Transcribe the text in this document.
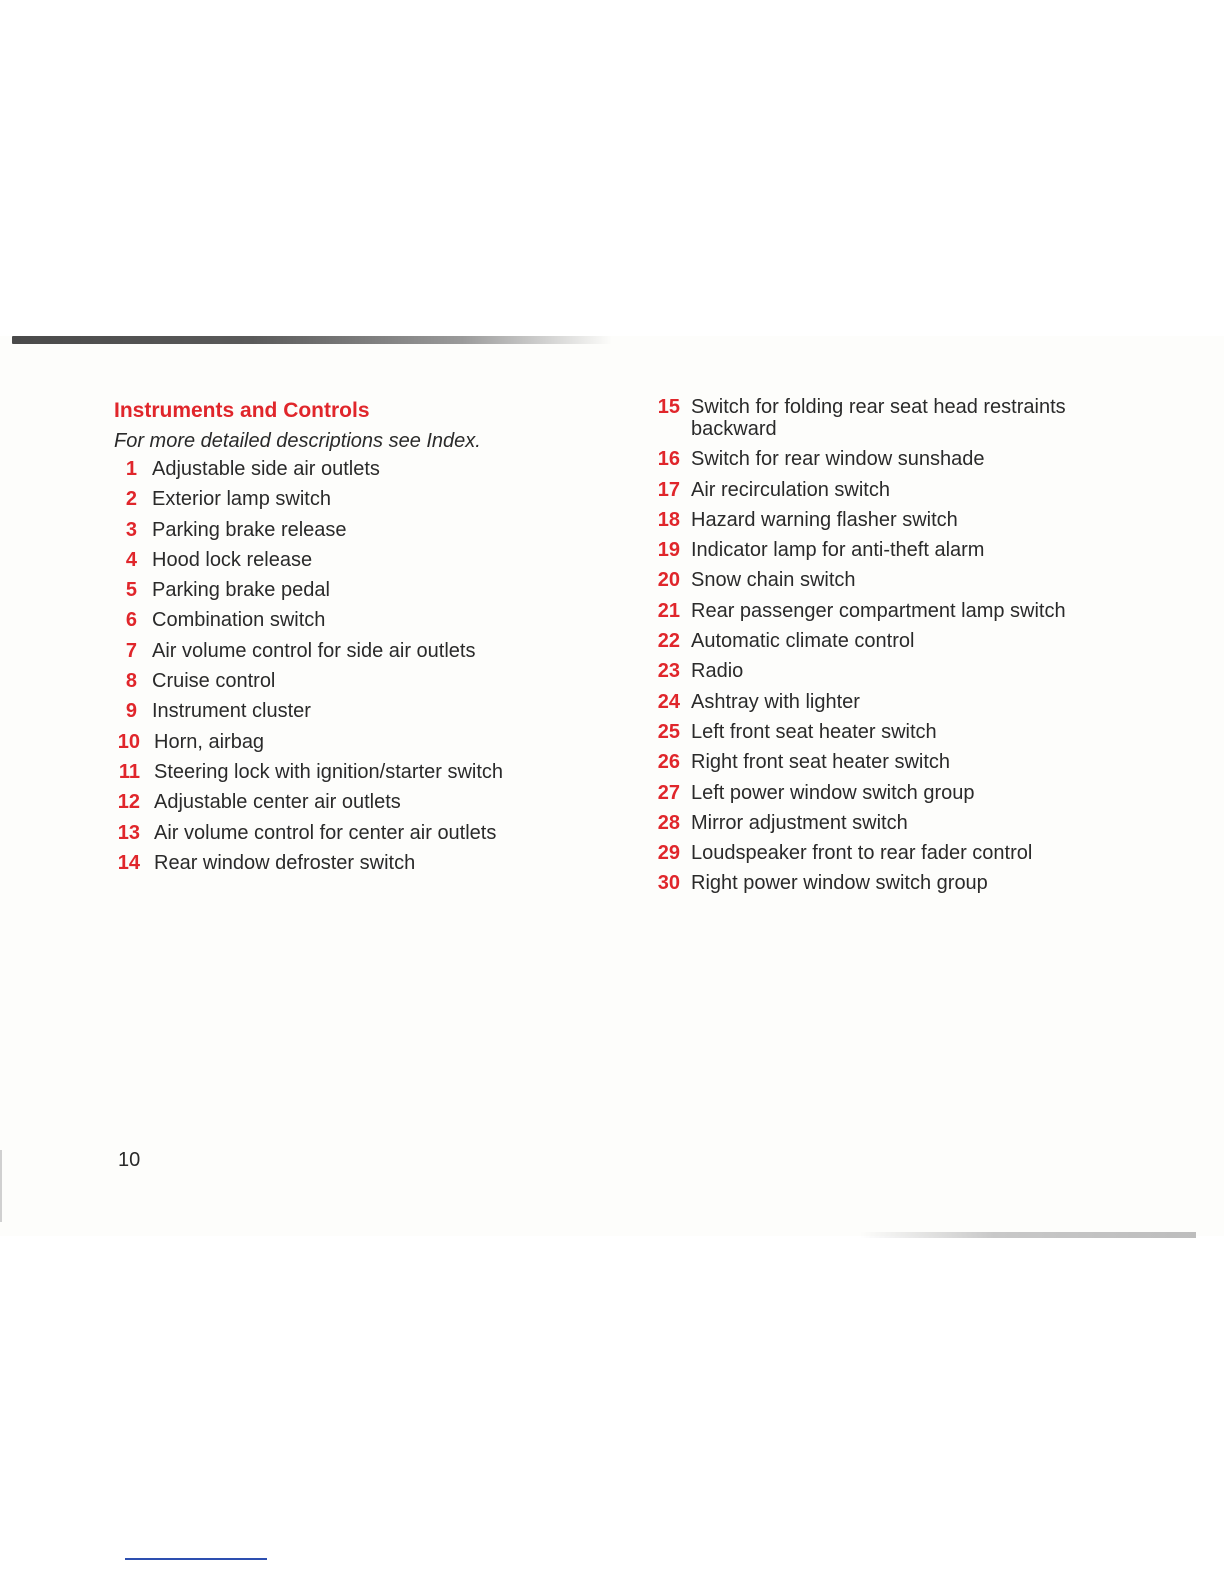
Instruments and Controls

For more detailed descriptions see Index.

1 Adjustable side air outlets
2 Exterior lamp switch
3 Parking brake release
4 Hood lock release
5 Parking brake pedal
6 Combination switch
7 Air volume control for side air outlets
8 Cruise control
9 Instrument cluster
10 Horn, airbag
11 Steering lock with ignition/starter switch
12 Adjustable center air outlets
13 Air volume control for center air outlets
14 Rear window defroster switch
15 Switch for folding rear seat head restraints backward
16 Switch for rear window sunshade
17 Air recirculation switch
18 Hazard warning flasher switch
19 Indicator lamp for anti-theft alarm
20 Snow chain switch
21 Rear passenger compartment lamp switch
22 Automatic climate control
23 Radio
24 Ashtray with lighter
25 Left front seat heater switch
26 Right front seat heater switch
27 Left power window switch group
28 Mirror adjustment switch
29 Loudspeaker front to rear fader control
30 Right power window switch group
10
